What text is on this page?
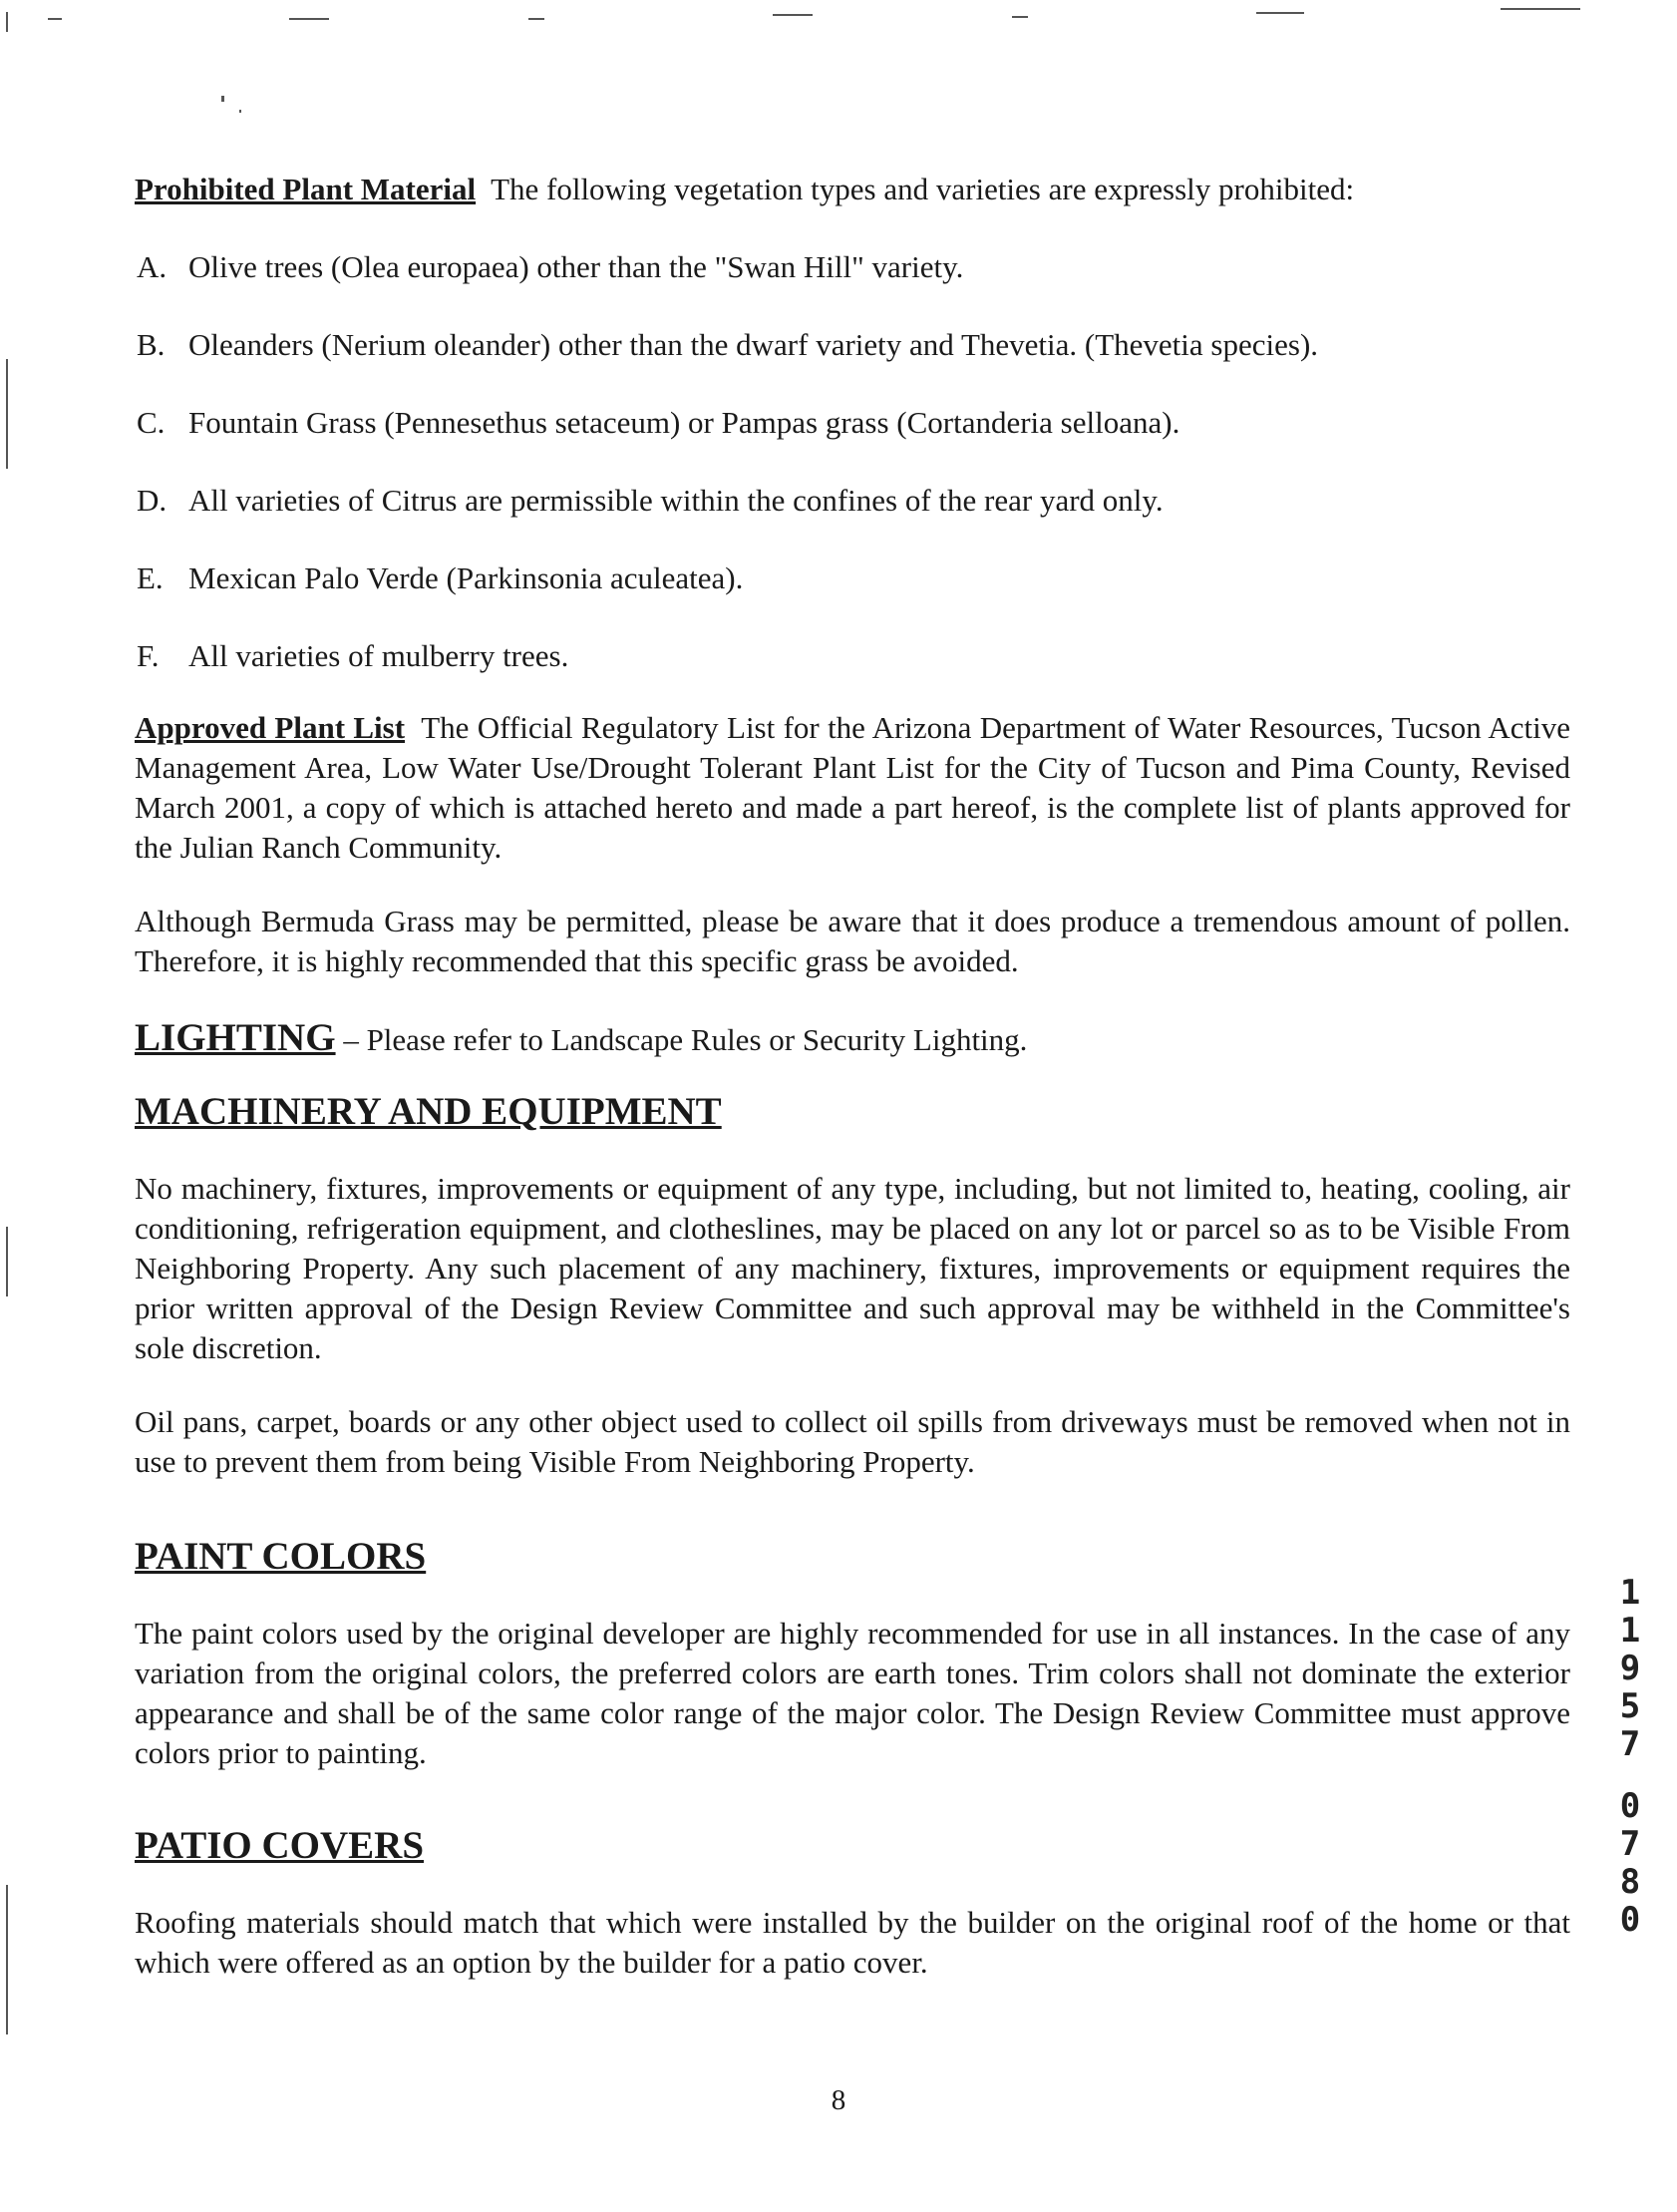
Prohibited Plant Material The following vegetation types and varieties are expressly prohibited:

A. Olive trees (Olea europaea) other than the "Swan Hill" variety.

B. Oleanders (Nerium oleander) other than the dwarf variety and Thevetia. (Thevetia species).

C. Fountain Grass (Pennesethus setaceum) or Pampas grass (Cortanderia selloana).

D. All varieties of Citrus are permissible within the confines of the rear yard only.

E. Mexican Palo Verde (Parkinsonia aculeatea).

F. All varieties of mulberry trees.

Approved Plant List The Official Regulatory List for the Arizona Department of Water Resources, Tucson Active Management Area, Low Water Use/Drought Tolerant Plant List for the City of Tucson and Pima County, Revised March 2001, a copy of which is attached hereto and made a part hereof, is the complete list of plants approved for the Julian Ranch Community.

Although Bermuda Grass may be permitted, please be aware that it does produce a tremendous amount of pollen. Therefore, it is highly recommended that this specific grass be avoided.

LIGHTING – Please refer to Landscape Rules or Security Lighting.

MACHINERY AND EQUIPMENT

No machinery, fixtures, improvements or equipment of any type, including, but not limited to, heating, cooling, air conditioning, refrigeration equipment, and clotheslines, may be placed on any lot or parcel so as to be Visible From Neighboring Property. Any such placement of any machinery, fixtures, improvements or equipment requires the prior written approval of the Design Review Committee and such approval may be withheld in the Committee's sole discretion.

Oil pans, carpet, boards or any other object used to collect oil spills from driveways must be removed when not in use to prevent them from being Visible From Neighboring Property.

PAINT COLORS

The paint colors used by the original developer are highly recommended for use in all instances. In the case of any variation from the original colors, the preferred colors are earth tones. Trim colors shall not dominate the exterior appearance and shall be of the same color range of the major color. The Design Review Committee must approve colors prior to painting.

PATIO COVERS

Roofing materials should match that which were installed by the builder on the original roof of the home or that which were offered as an option by the builder for a patio cover.

1
1
9
5
7
0
7
8
0
8
